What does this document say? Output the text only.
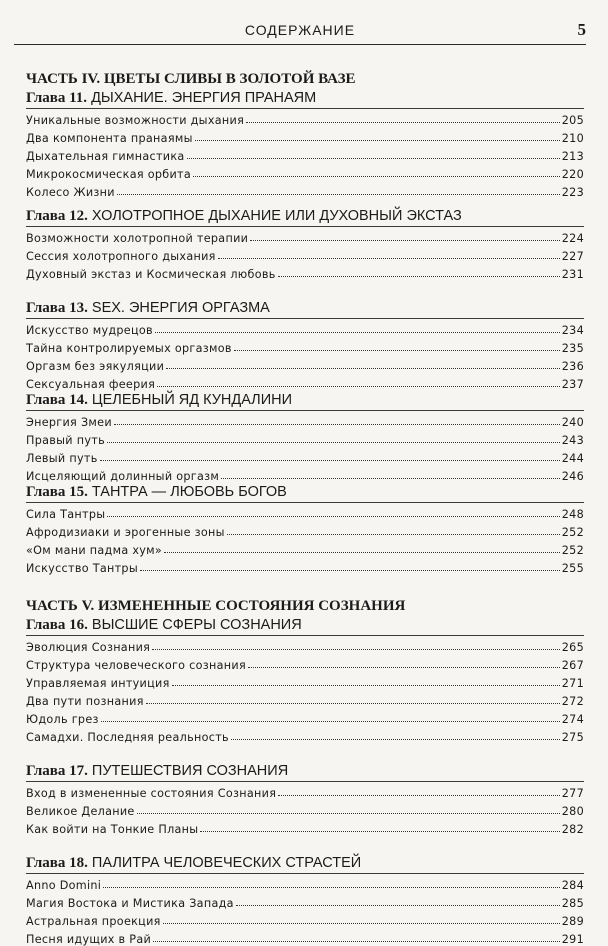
СОДЕРЖАНИЕ	5
ЧАСТЬ IV. ЦВЕТЫ СЛИВЫ В ЗОЛОТОЙ ВАЗЕ
Глава 11. ДЫХАНИЕ. ЭНЕРГИЯ ПРАНАЯМ
Уникальные возможности дыхания	205
Два компонента пранаямы	210
Дыхательная гимнастика	213
Микрокосмическая орбита	220
Колесо Жизни	223
Глава 12. ХОЛОТРОПНОЕ ДЫХАНИЕ ИЛИ ДУХОВНЫЙ ЭКСТАЗ
Возможности холотропной терапии	224
Сессия холотропного дыхания	227
Духовный экстаз и Космическая любовь	231
Глава 13. SEX. ЭНЕРГИЯ ОРГАЗМА
Искусство мудрецов	234
Тайна контролируемых оргазмов	235
Оргазм без эякуляции	236
Сексуальная феерия	237
Глава 14. ЦЕЛЕБНЫЙ ЯД КУНДАЛИНИ
Энергия Змеи	240
Правый путь	243
Левый путь	244
Исцеляющий долинный оргазм	246
Глава 15. ТАНТРА — ЛЮБОВЬ БОГОВ
Сила Тантры	248
Афродизиаки и эрогенные зоны	252
«Ом мани падма хум»	252
Искусство Тантры	255
ЧАСТЬ V. ИЗМЕНЕННЫЕ СОСТОЯНИЯ СОЗНАНИЯ
Глава 16. ВЫСШИЕ СФЕРЫ СОЗНАНИЯ
Эволюция Сознания	265
Структура человеческого сознания	267
Управляемая интуиция	271
Два пути познания	272
Юдоль грез	274
Самадхи. Последняя реальность	275
Глава 17. ПУТЕШЕСТВИЯ СОЗНАНИЯ
Вход в измененные состояния Сознания	277
Великое Делание	280
Как войти на Тонкие Планы	282
Глава 18. ПАЛИТРА ЧЕЛОВЕЧЕСКИХ СТРАСТЕЙ
Anno Domini	284
Магия Востока и Мистика Запада	285
Астральная проекция	289
Песня идущих в Рай	291
